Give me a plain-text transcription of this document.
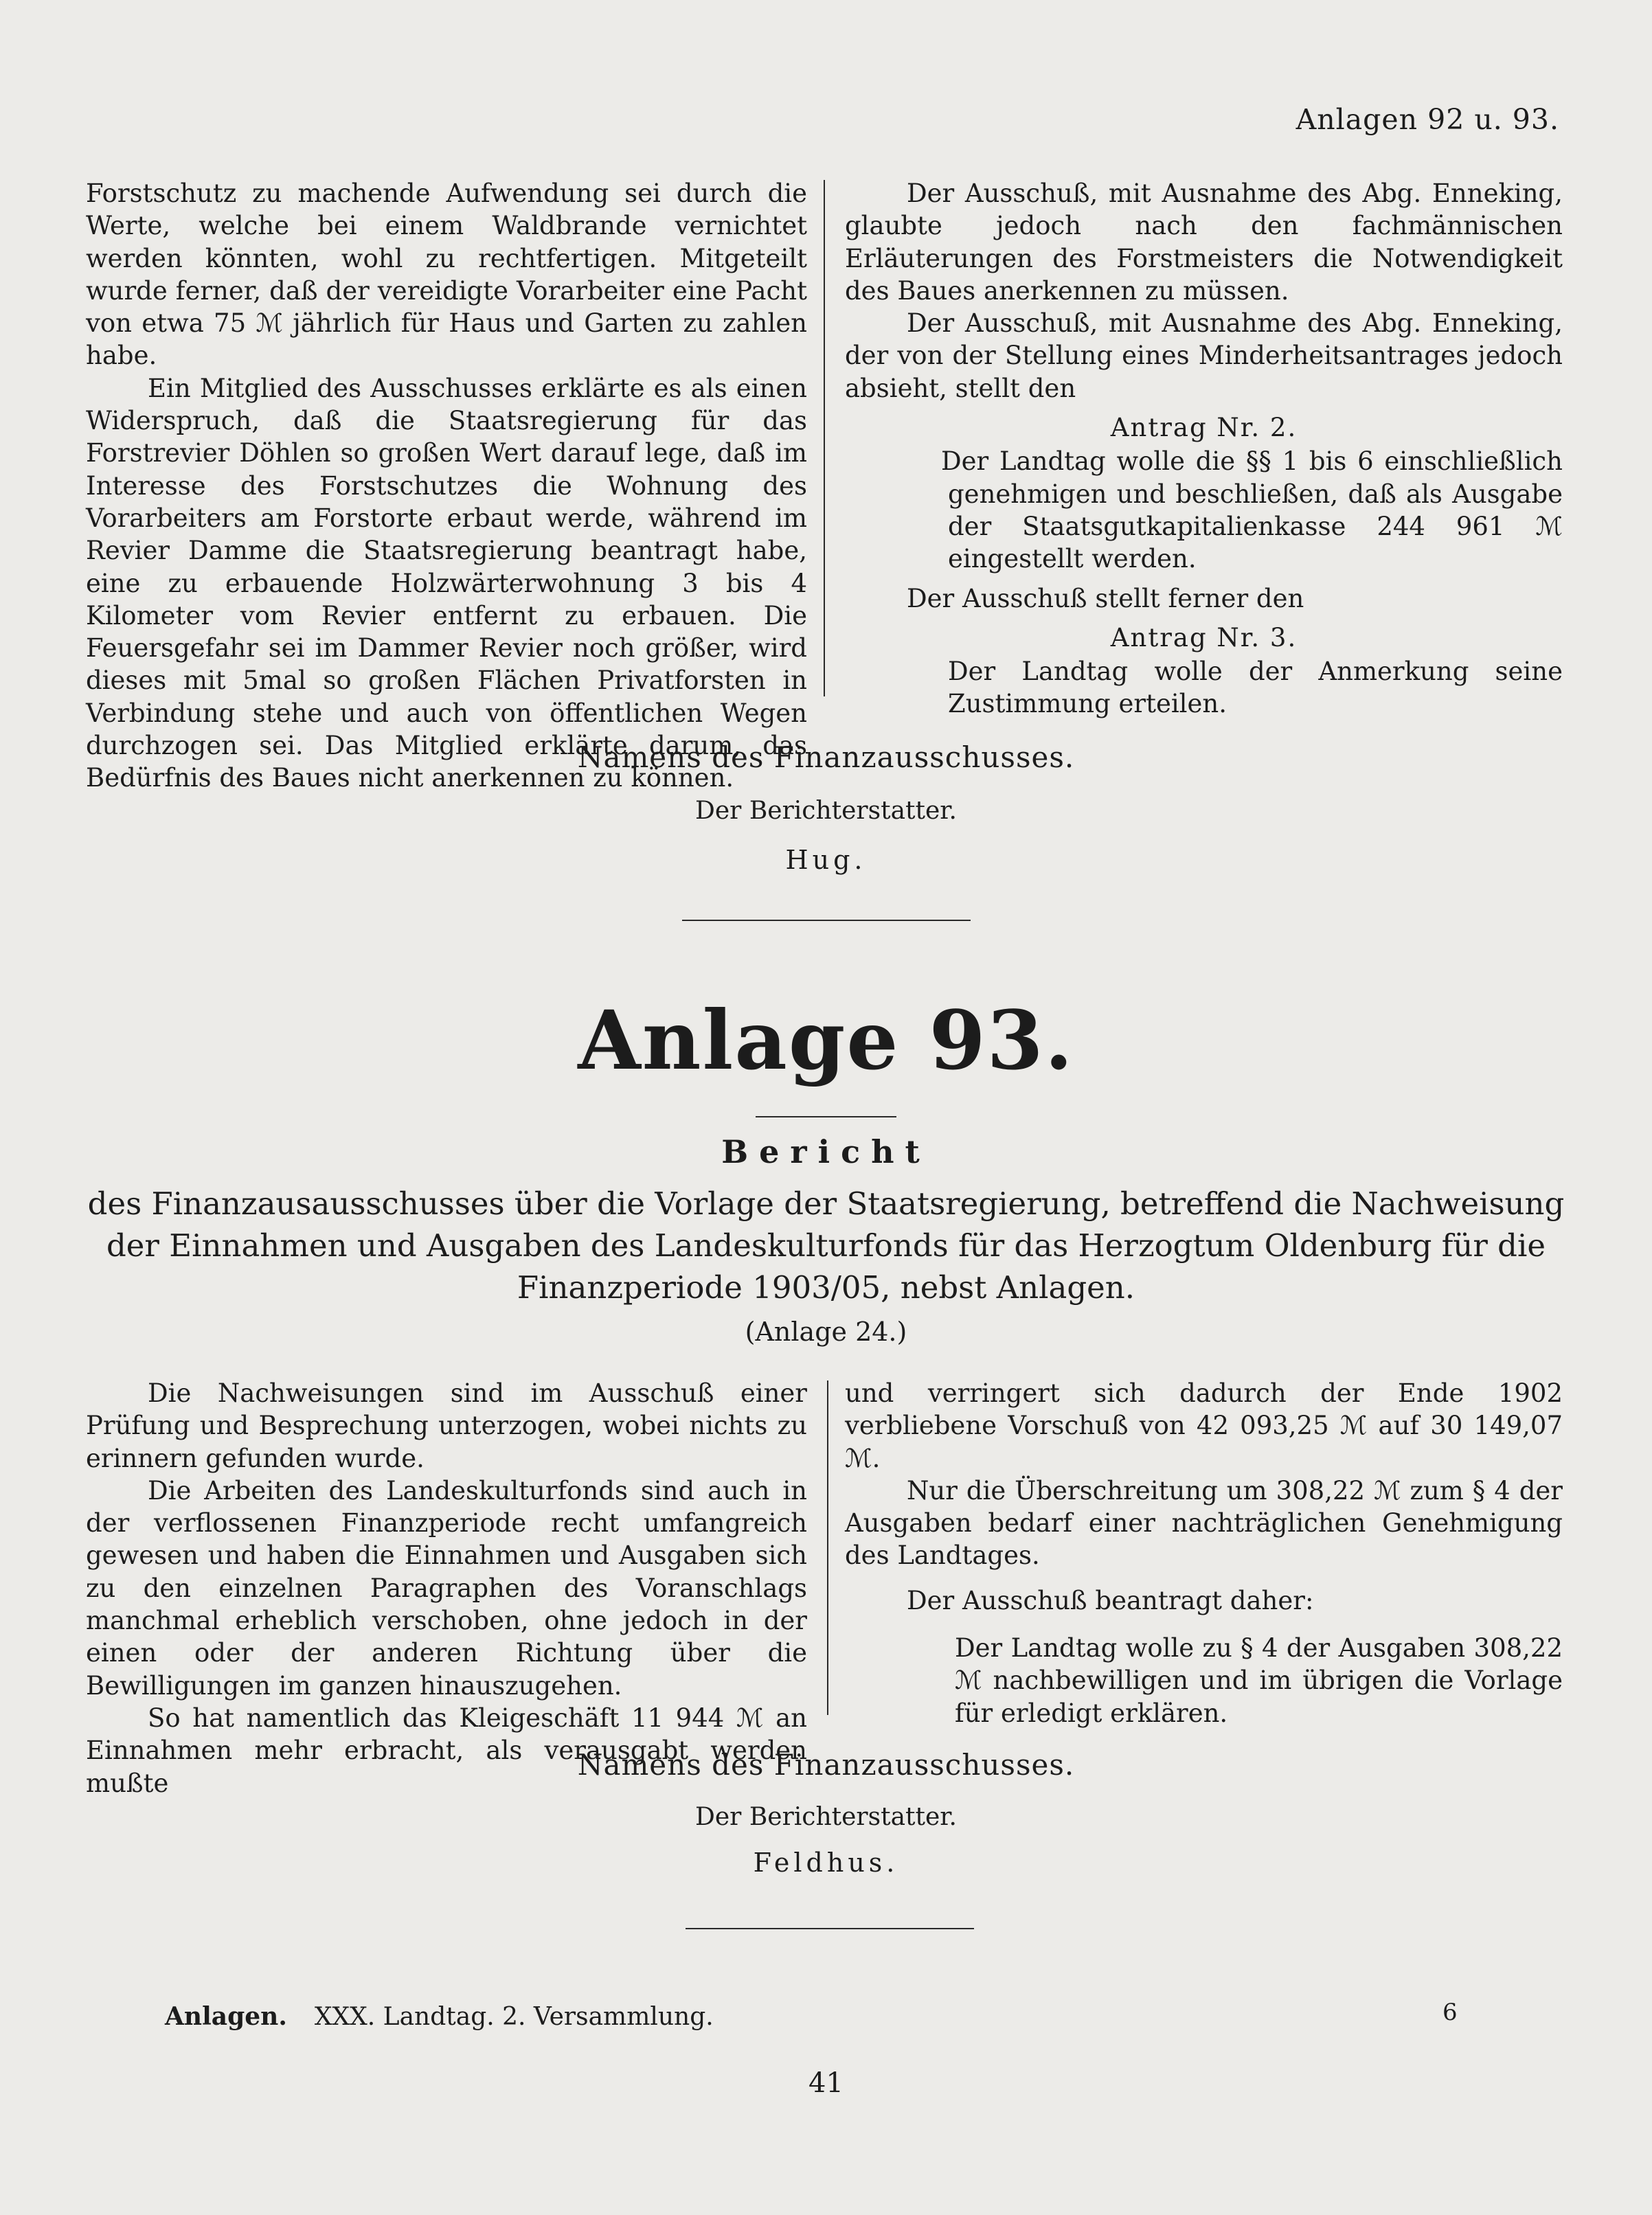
Anlagen 92 u. 93.

Forstschutz zu machende Aufwendung sei durch die Werte, welche bei einem Waldbrande vernichtet werden könnten, wohl zu rechtfertigen. Mitgeteilt wurde ferner, daß der vereidigte Vorarbeiter eine Pacht von etwa 75 ℳ jährlich für Haus und Garten zu zahlen habe.

Ein Mitglied des Ausschusses erklärte es als einen Widerspruch, daß die Staatsregierung für das Forstrevier Döhlen so großen Wert darauf lege, daß im Interesse des Forstschutzes die Wohnung des Vorarbeiters am Forstorte erbaut werde, während im Revier Damme die Staatsregierung beantragt habe, eine zu erbauende Holzwärterwohnung 3 bis 4 Kilometer vom Revier entfernt zu erbauen. Die Feuersgefahr sei im Dammer Revier noch größer, wird dieses mit 5mal so großen Flächen Privatforsten in Verbindung stehe und auch von öffentlichen Wegen durchzogen sei. Das Mitglied erklärte darum, das Bedürfnis des Baues nicht anerkennen zu können.

Der Ausschuß, mit Ausnahme des Abg. Enneking, glaubte jedoch nach den fachmännischen Erläuterungen des Forstmeisters die Notwendigkeit des Baues anerkennen zu müssen.

Der Ausschuß, mit Ausnahme des Abg. Enneking, der von der Stellung eines Minderheitsantrages jedoch absieht, stellt den

Antrag Nr. 2.

Der Landtag wolle die §§ 1 bis 6 einschließlich genehmigen und beschließen, daß als Ausgabe der Staatsgutkapitalienkasse 244 961 ℳ eingestellt werden.

Der Ausschuß stellt ferner den

Antrag Nr. 3.

Der Landtag wolle der Anmerkung seine Zustimmung erteilen.

Namens des Finanzausschusses.
Der Berichterstatter.
Hug.
Anlage 93.
Bericht
des Finanzausausschusses über die Vorlage der Staatsregierung, betreffend die Nachweisung der Einnahmen und Ausgaben des Landeskulturfonds für das Herzogtum Oldenburg für die Finanzperiode 1903/05, nebst Anlagen.
(Anlage 24.)

Die Nachweisungen sind im Ausschuß einer Prüfung und Besprechung unterzogen, wobei nichts zu erinnern gefunden wurde.

Die Arbeiten des Landeskulturfonds sind auch in der verflossenen Finanzperiode recht umfangreich gewesen und haben die Einnahmen und Ausgaben sich zu den einzelnen Paragraphen des Voranschlags manchmal erheblich verschoben, ohne jedoch in der einen oder der anderen Richtung über die Bewilligungen im ganzen hinauszugehen.

So hat namentlich das Kleigeschäft 11 944 ℳ an Einnahmen mehr erbracht, als verausgabt werden mußte

und verringert sich dadurch der Ende 1902 verbliebene Vorschuß von 42 093,25 ℳ auf 30 149,07 ℳ.

Nur die Überschreitung um 308,22 ℳ zum § 4 der Ausgaben bedarf einer nachträglichen Genehmigung des Landtages.

Der Ausschuß beantragt daher:

Der Landtag wolle zu § 4 der Ausgaben 308,22 ℳ nachbewilligen und im übrigen die Vorlage für erledigt erklären.

Namens des Finanzausschusses.
Der Berichterstatter.
Feldhus.
Anlagen. XXX. Landtag. 2. Versammlung.	6
41
